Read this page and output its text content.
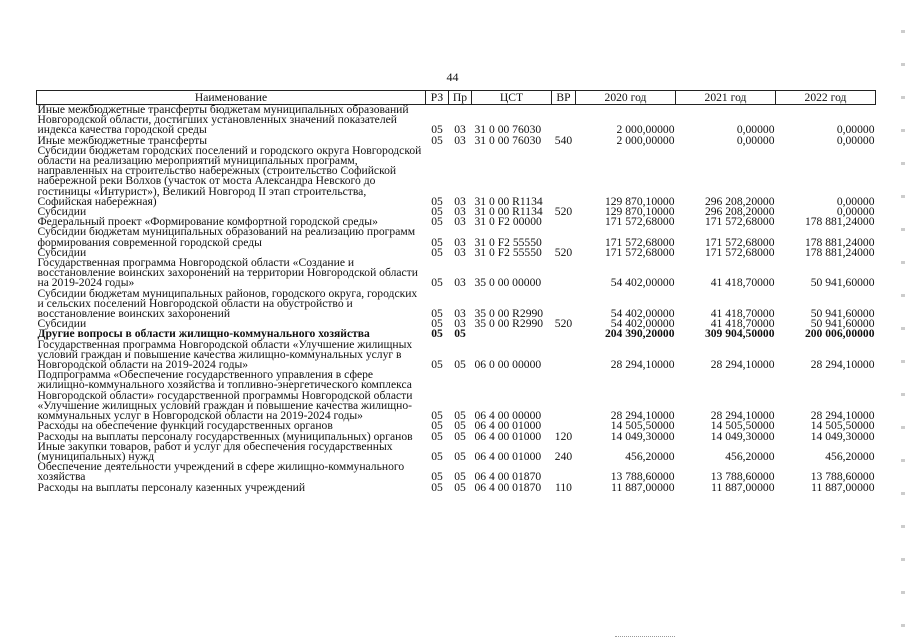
44
Наименование	РЗ	Пр	ЦСТ	ВР	2020 год	2021 год	2022 год
Иные межбюджетные трансферты бюджетам муниципальных образований Новгородской области, достигших установленных значений показателей индекса качества городской среды	05	03	31 0 00 76030		2 000,00000	0,00000	0,00000
Иные межбюджетные трансферты	05	03	31 0 00 76030	540	2 000,00000	0,00000	0,00000
Субсидии бюджетам городских поселений и городского округа Новгородской области на реализацию мероприятий муниципальных программ, направленных на строительство набережных (строительство Софийской набережной реки Волхов (участок от моста Александра Невского до гостиницы «Интурист»), Великий Новгород II этап строительства, Софийская набережная)	05	03	31 0 00 R1134		129 870,10000	296 208,20000	0,00000
Субсидии	05	03	31 0 00 R1134	520	129 870,10000	296 208,20000	0,00000
Федеральный проект «Формирование комфортной городской среды»	05	03	31 0 F2 00000		171 572,68000	171 572,68000	178 881,24000
Субсидии бюджетам муниципальных образований на реализацию программ формирования современной городской среды	05	03	31 0 F2 55550		171 572,68000	171 572,68000	178 881,24000
Субсидии	05	03	31 0 F2 55550	520	171 572,68000	171 572,68000	178 881,24000
Государственная программа Новгородской области «Создание и восстановление воинских захоронений на территории Новгородской области на 2019-2024 годы»	05	03	35 0 00 00000		54 402,00000	41 418,70000	50 941,60000
Субсидии бюджетам муниципальных районов, городского округа, городских и сельских поселений Новгородской области на обустройство и восстановление воинских захоронений	05	03	35 0 00 R2990		54 402,00000	41 418,70000	50 941,60000
Субсидии	05	03	35 0 00 R2990	520	54 402,00000	41 418,70000	50 941,60000
Другие вопросы в области жилищно-коммунального хозяйства	05	05			204 390,20000	309 904,50000	200 006,00000
Государственная программа Новгородской области «Улучшение жилищных условий граждан и повышение качества жилищно-коммунальных услуг в Новгородской области на 2019-2024 годы»	05	05	06 0 00 00000		28 294,10000	28 294,10000	28 294,10000
Подпрограмма «Обеспечение государственного управления в сфере жилищно-коммунального хозяйства и топливно-энергетического комплекса Новгородской области» государственной программы Новгородской области «Улучшение жилищных условий граждан и повышение качества жилищно-коммунальных услуг в Новгородской области на 2019-2024 годы»	05	05	06 4 00 00000		28 294,10000	28 294,10000	28 294,10000
Расходы на обеспечение функций государственных органов	05	05	06 4 00 01000		14 505,50000	14 505,50000	14 505,50000
Расходы на выплаты персоналу государственных (муниципальных) органов	05	05	06 4 00 01000	120	14 049,30000	14 049,30000	14 049,30000
Иные закупки товаров, работ и услуг для обеспечения государственных (муниципальных) нужд	05	05	06 4 00 01000	240	456,20000	456,20000	456,20000
Обеспечение деятельности учреждений в сфере жилищно-коммунального хозяйства	05	05	06 4 00 01870		13 788,60000	13 788,60000	13 788,60000
Расходы на выплаты персоналу казенных учреждений	05	05	06 4 00 01870	110	11 887,00000	11 887,00000	11 887,00000
